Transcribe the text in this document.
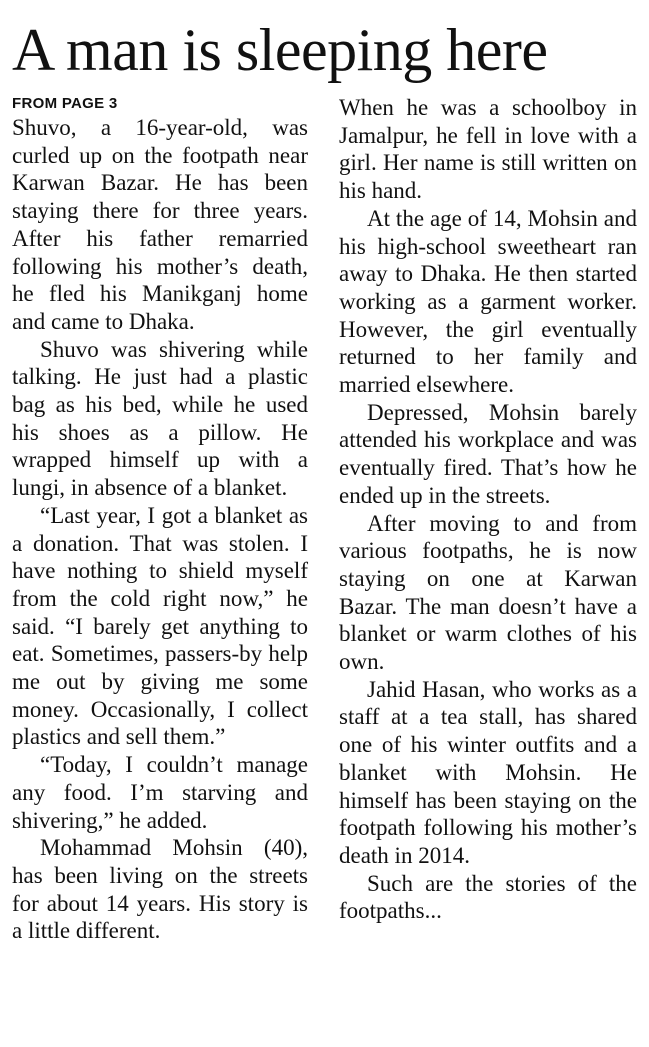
A man is sleeping here
FROM PAGE 3

Shuvo, a 16-year-old, was curled up on the footpath near Karwan Bazar. He has been staying there for three years. After his father remarried following his mother’s death, he fled his Manikganj home and came to Dhaka.

Shuvo was shivering while talking. He just had a plastic bag as his bed, while he used his shoes as a pillow. He wrapped himself up with a lungi, in absence of a blanket.

“Last year, I got a blanket as a donation. That was stolen. I have nothing to shield myself from the cold right now,” he said. “I barely get anything to eat. Sometimes, passers-by help me out by giving me some money. Occasionally, I collect plastics and sell them.”

“Today, I couldn’t manage any food. I’m starving and shivering,” he added.

Mohammad Mohsin (40), has been living on the streets for about 14 years. His story is a little different.

When he was a schoolboy in Jamalpur, he fell in love with a girl. Her name is still written on his hand.

At the age of 14, Mohsin and his high-school sweetheart ran away to Dhaka. He then started working as a garment worker. However, the girl eventually returned to her family and married elsewhere.

Depressed, Mohsin barely attended his workplace and was eventually fired. That’s how he ended up in the streets.

After moving to and from various footpaths, he is now staying on one at Karwan Bazar. The man doesn’t have a blanket or warm clothes of his own.

Jahid Hasan, who works as a staff at a tea stall, has shared one of his winter outfits and a blanket with Mohsin. He himself has been staying on the footpath following his mother’s death in 2014.

Such are the stories of the footpaths...
